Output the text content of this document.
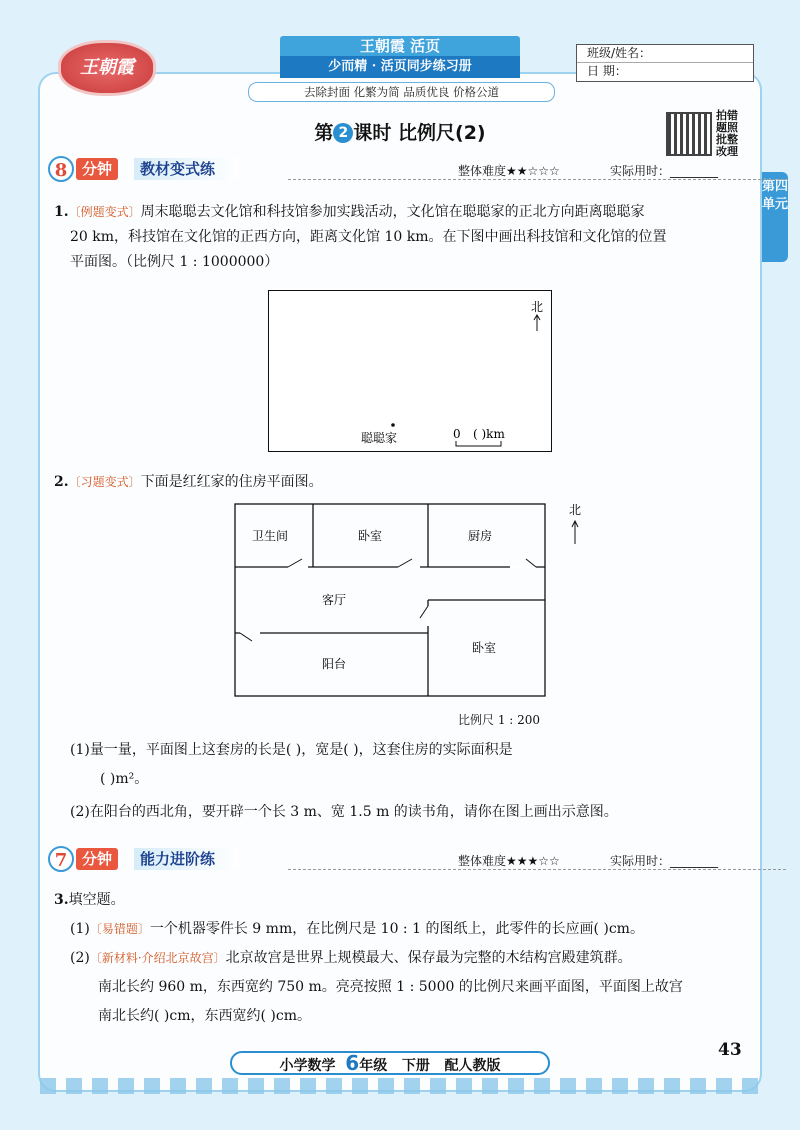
王朝霞
王朝霞 活页
少而精 · 活页同步练习册
去除封面 化繁为简 品质优良 价格公道
班级/姓名：
日 期：
第 2 课时 比例尺(2)
拍错题照批整改理
第四单元
8 分钟	教材变式练	整体难度★★☆☆☆	实际用时：________
1.〔例题变式〕周末聪聪去文化馆和科技馆参加实践活动，文化馆在聪聪家的正北方向距离聪聪家
20 km，科技馆在文化馆的正西方向，距离文化馆 10 km。在下图中画出科技馆和文化馆的位置
平面图。（比例尺 1 : 1000000）
北
聪聪家	0 ( )km
2.〔习题变式〕下面是红红家的住房平面图。
卫生间	卧室	厨房
客厅
阳台
卧室
北
比例尺 1 : 200
(1)量一量，平面图上这套房的长是( )，宽是( )，这套住房的实际面积是
( )m²。
(2)在阳台的西北角，要开辟一个长 3 m、宽 1.5 m 的读书角，请你在图上画出示意图。
7 分钟	能力进阶练	整体难度★★★☆☆	实际用时：________
3.填空题。
(1)〔易错题〕一个机器零件长 9 mm，在比例尺是 10 : 1 的图纸上，此零件的长应画( )cm。
(2)〔新材料·介绍北京故宫〕北京故宫是世界上规模最大、保存最为完整的木结构宫殿建筑群。
南北长约 960 m，东西宽约 750 m。亮亮按照 1 : 5000 的比例尺来画平面图，平面图上故宫
南北长约( )cm，东西宽约( )cm。
小学数学 6年级 下册 配人教版
43
